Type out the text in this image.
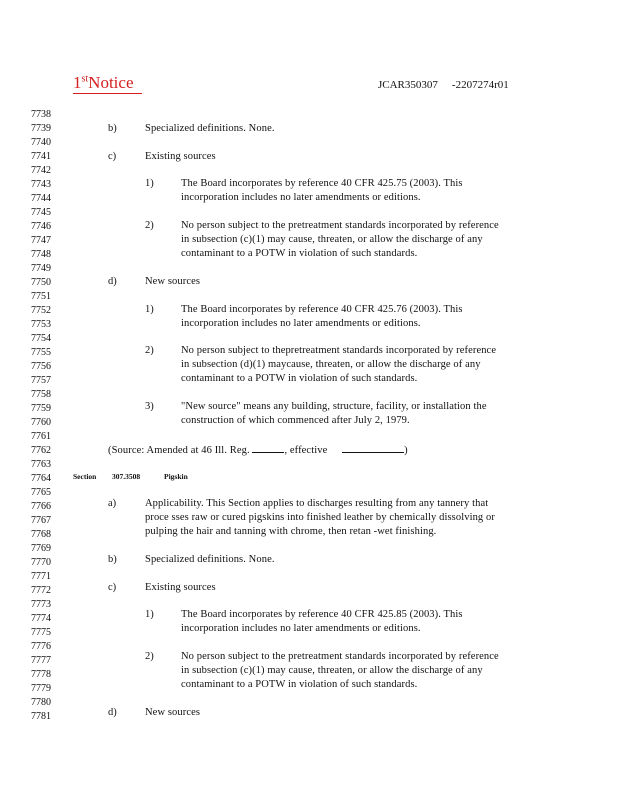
1stNotice	JCAR350307 -2207274r01
7738
7739
7740
7741
7742
7743
7744
7745
7746
7747
7748
7749
7750
7751
7752
7753
7754
7755
7756
7757
7758
7759
7760
7761
7762
7763
7764
7765
7766
7767
7768
7769
7770
7771
7772
7773
7774
7775
7776
7777
7778
7779
7780
7781
b)	Specialized definitions. None.
c)	Existing sources
1)	The Board incorporates by reference 40 CFR 425.75 (2003). This
incorporation includes no later amendments or editions.
2)	No person subject to the pretreatment standards incorporated by reference
in subsection (c)(1) may cause, threaten, or allow the discharge of any
contaminant to a POTW in violation of such standards.
d)	New sources
1)	The Board incorporates by reference 40 CFR 425.76 (2003). This
incorporation includes no later amendments or editions.
2)	No person subject to thepretreatment standards incorporated by reference
in subsection (d)(1) maycause, threaten, or allow the discharge of any
contaminant to a POTW in violation of such standards.
3)	"New source" means any building, structure, facility, or installation the
construction of which commenced after July 2, 1979.
(Source: Amended at 46 Ill. Reg.	, effective	)
Section 307.3508	Pigskin
a)	Applicability. This Section applies to discharges resulting from any tannery that
proce sses raw or cured pigskins into finished leather by chemically dissolving or
pulping the hair and tanning with chrome, then retan -wet finishing.
b)	Specialized definitions. None.
c)	Existing sources
1)	The Board incorporates by reference 40 CFR 425.85 (2003). This
incorporation includes no later amendments or editions.
2)	No person subject to the pretreatment standards incorporated by reference
in subsection (c)(1) may cause, threaten, or allow the discharge of any
contaminant to a POTW in violation of such standards.
d)	New sources
